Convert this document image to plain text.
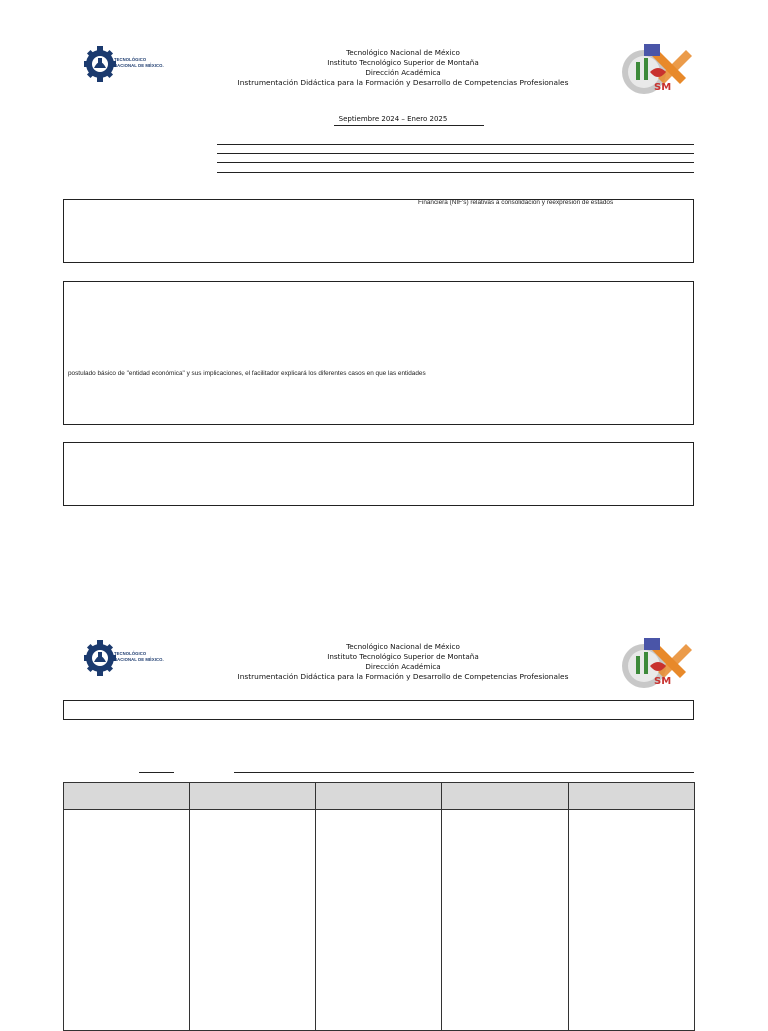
TECNOLÓGICO
NACIONAL DE MÉXICO.
Tecnológico Nacional de México
Instituto Tecnológico Superior de Montaña
Dirección Académica
Instrumentación Didáctica para la Formación y Desarrollo de Competencias Profesionales	SM
Septiembre 2024 – Enero 2025
Financiera (NIF's) relativas a consolidación y reexpresión de estados
postulado básico de "entidad económica" y sus implicaciones, el facilitador explicará los diferentes casos en que las entidades
TECNOLÓGICO
NACIONAL DE MÉXICO.
Tecnológico Nacional de México
Instituto Tecnológico Superior de Montaña
Dirección Académica
Instrumentación Didáctica para la Formación y Desarrollo de Competencias Profesionales	SM
